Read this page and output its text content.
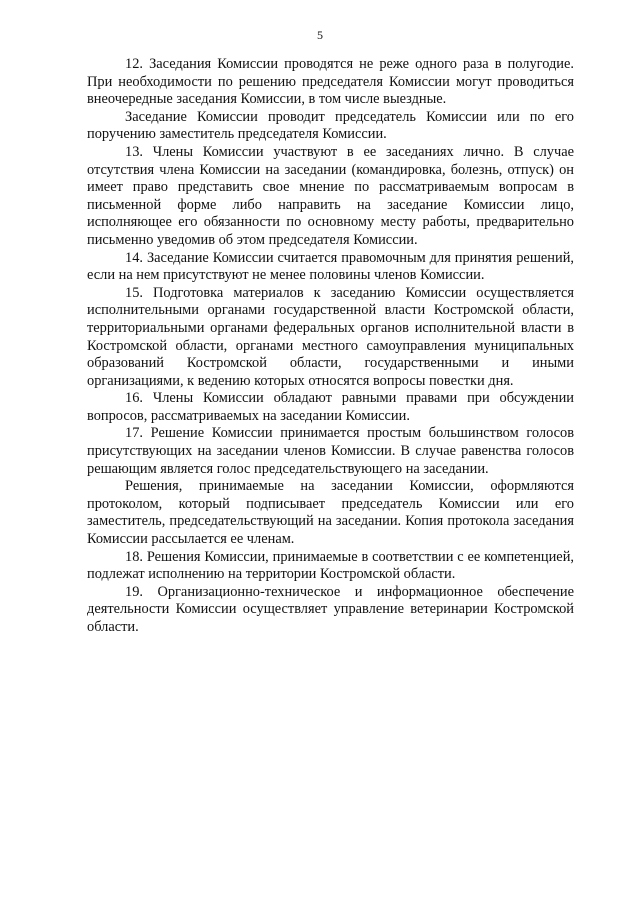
5

12. Заседания Комиссии проводятся не реже одного раза в полугодие. При необходимости по решению председателя Комиссии могут проводиться внеочередные заседания Комиссии, в том числе выездные.

Заседание Комиссии проводит председатель Комиссии или по его поручению заместитель председателя Комиссии.

13. Члены Комиссии участвуют в ее заседаниях лично. В случае отсутствия члена Комиссии на заседании (командировка, болезнь, отпуск) он имеет право представить свое мнение по рассматриваемым вопросам в письменной форме либо направить на заседание Комиссии лицо, исполняющее его обязанности по основному месту работы, предварительно письменно уведомив об этом председателя Комиссии.

14. Заседание Комиссии считается правомочным для принятия решений, если на нем присутствуют не менее половины членов Комиссии.

15. Подготовка материалов к заседанию Комиссии осуществляется исполнительными органами государственной власти Костромской области, территориальными органами федеральных органов исполнительной власти в Костромской области, органами местного самоуправления муниципальных образований Костромской области, государственными и иными организациями, к ведению которых относятся вопросы повестки дня.

16. Члены Комиссии обладают равными правами при обсуждении вопросов, рассматриваемых на заседании Комиссии.

17. Решение Комиссии принимается простым большинством голосов присутствующих на заседании членов Комиссии. В случае равенства голосов решающим является голос председательствующего на заседании.

Решения, принимаемые на заседании Комиссии, оформляются протоколом, который подписывает председатель Комиссии или его заместитель, председательствующий на заседании. Копия протокола заседания Комиссии рассылается ее членам.

18. Решения Комиссии, принимаемые в соответствии с ее компетенцией, подлежат исполнению на территории Костромской области.

19. Организационно-техническое и информационное обеспечение деятельности Комиссии осуществляет управление ветеринарии Костромской области.
